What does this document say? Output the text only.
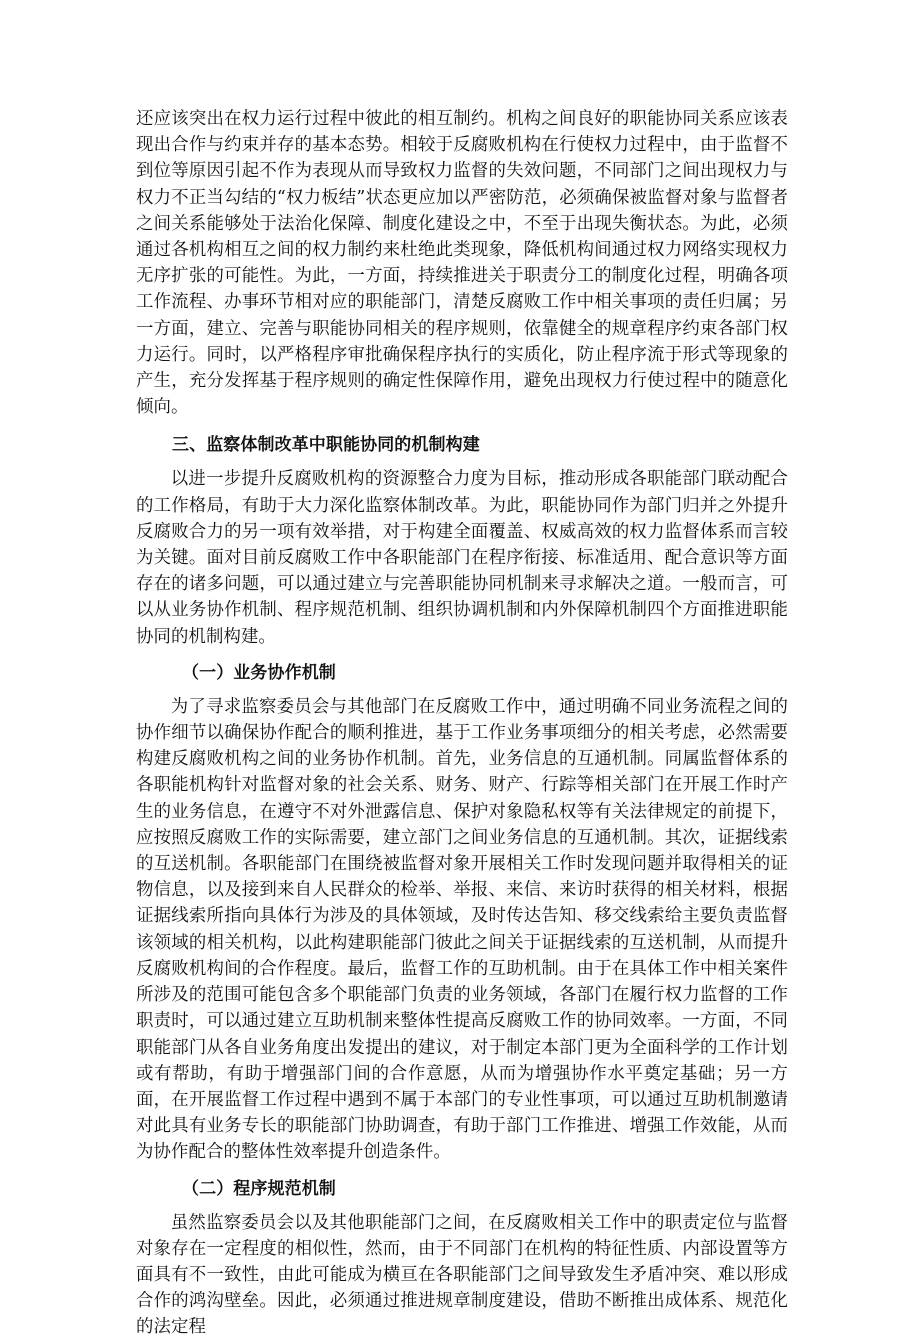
还应该突出在权力运行过程中彼此的相互制约。机构之间良好的职能协同关系应该表现出合作与约束并存的基本态势。相较于反腐败机构在行使权力过程中，由于监督不到位等原因引起不作为表现从而导致权力监督的失效问题，不同部门之间出现权力与权力不正当勾结的“权力板结”状态更应加以严密防范，必须确保被监督对象与监督者之间关系能够处于法治化保障、制度化建设之中，不至于出现失衡状态。为此，必须通过各机构相互之间的权力制约来杜绝此类现象，降低机构间通过权力网络实现权力无序扩张的可能性。为此，一方面，持续推进关于职责分工的制度化过程，明确各项工作流程、办事环节相对应的职能部门，清楚反腐败工作中相关事项的责任归属；另一方面，建立、完善与职能协同相关的程序规则，依靠健全的规章程序约束各部门权力运行。同时，以严格程序审批确保程序执行的实质化，防止程序流于形式等现象的产生，充分发挥基于程序规则的确定性保障作用，避免出现权力行使过程中的随意化倾向。

三、监察体制改革中职能协同的机制构建

以进一步提升反腐败机构的资源整合力度为目标，推动形成各职能部门联动配合的工作格局，有助于大力深化监察体制改革。为此，职能协同作为部门归并之外提升反腐败合力的另一项有效举措，对于构建全面覆盖、权威高效的权力监督体系而言较为关键。面对目前反腐败工作中各职能部门在程序衔接、标准适用、配合意识等方面存在的诸多问题，可以通过建立与完善职能协同机制来寻求解决之道。一般而言，可以从业务协作机制、程序规范机制、组织协调机制和内外保障机制四个方面推进职能协同的机制构建。

（一）业务协作机制

为了寻求监察委员会与其他部门在反腐败工作中，通过明确不同业务流程之间的协作细节以确保协作配合的顺利推进，基于工作业务事项细分的相关考虑，必然需要构建反腐败机构之间的业务协作机制。首先，业务信息的互通机制。同属监督体系的各职能机构针对监督对象的社会关系、财务、财产、行踪等相关部门在开展工作时产生的业务信息，在遵守不对外泄露信息、保护对象隐私权等有关法律规定的前提下，应按照反腐败工作的实际需要，建立部门之间业务信息的互通机制。其次，证据线索的互送机制。各职能部门在围绕被监督对象开展相关工作时发现问题并取得相关的证物信息，以及接到来自人民群众的检举、举报、来信、来访时获得的相关材料，根据证据线索所指向具体行为涉及的具体领域，及时传达告知、移交线索给主要负责监督该领域的相关机构，以此构建职能部门彼此之间关于证据线索的互送机制，从而提升反腐败机构间的合作程度。最后，监督工作的互助机制。由于在具体工作中相关案件所涉及的范围可能包含多个职能部门负责的业务领域，各部门在履行权力监督的工作职责时，可以通过建立互助机制来整体性提高反腐败工作的协同效率。一方面，不同职能部门从各自业务角度出发提出的建议，对于制定本部门更为全面科学的工作计划或有帮助，有助于增强部门间的合作意愿，从而为增强协作水平奠定基础；另一方面，在开展监督工作过程中遇到不属于本部门的专业性事项，可以通过互助机制邀请对此具有业务专长的职能部门协助调查，有助于部门工作推进、增强工作效能，从而为协作配合的整体性效率提升创造条件。

（二）程序规范机制

虽然监察委员会以及其他职能部门之间，在反腐败相关工作中的职责定位与监督对象存在一定程度的相似性，然而，由于不同部门在机构的特征性质、内部设置等方面具有不一致性，由此可能成为横亘在各职能部门之间导致发生矛盾冲突、难以形成合作的鸿沟壁垒。因此，必须通过推进规章制度建设，借助不断推出成体系、规范化的法定程
